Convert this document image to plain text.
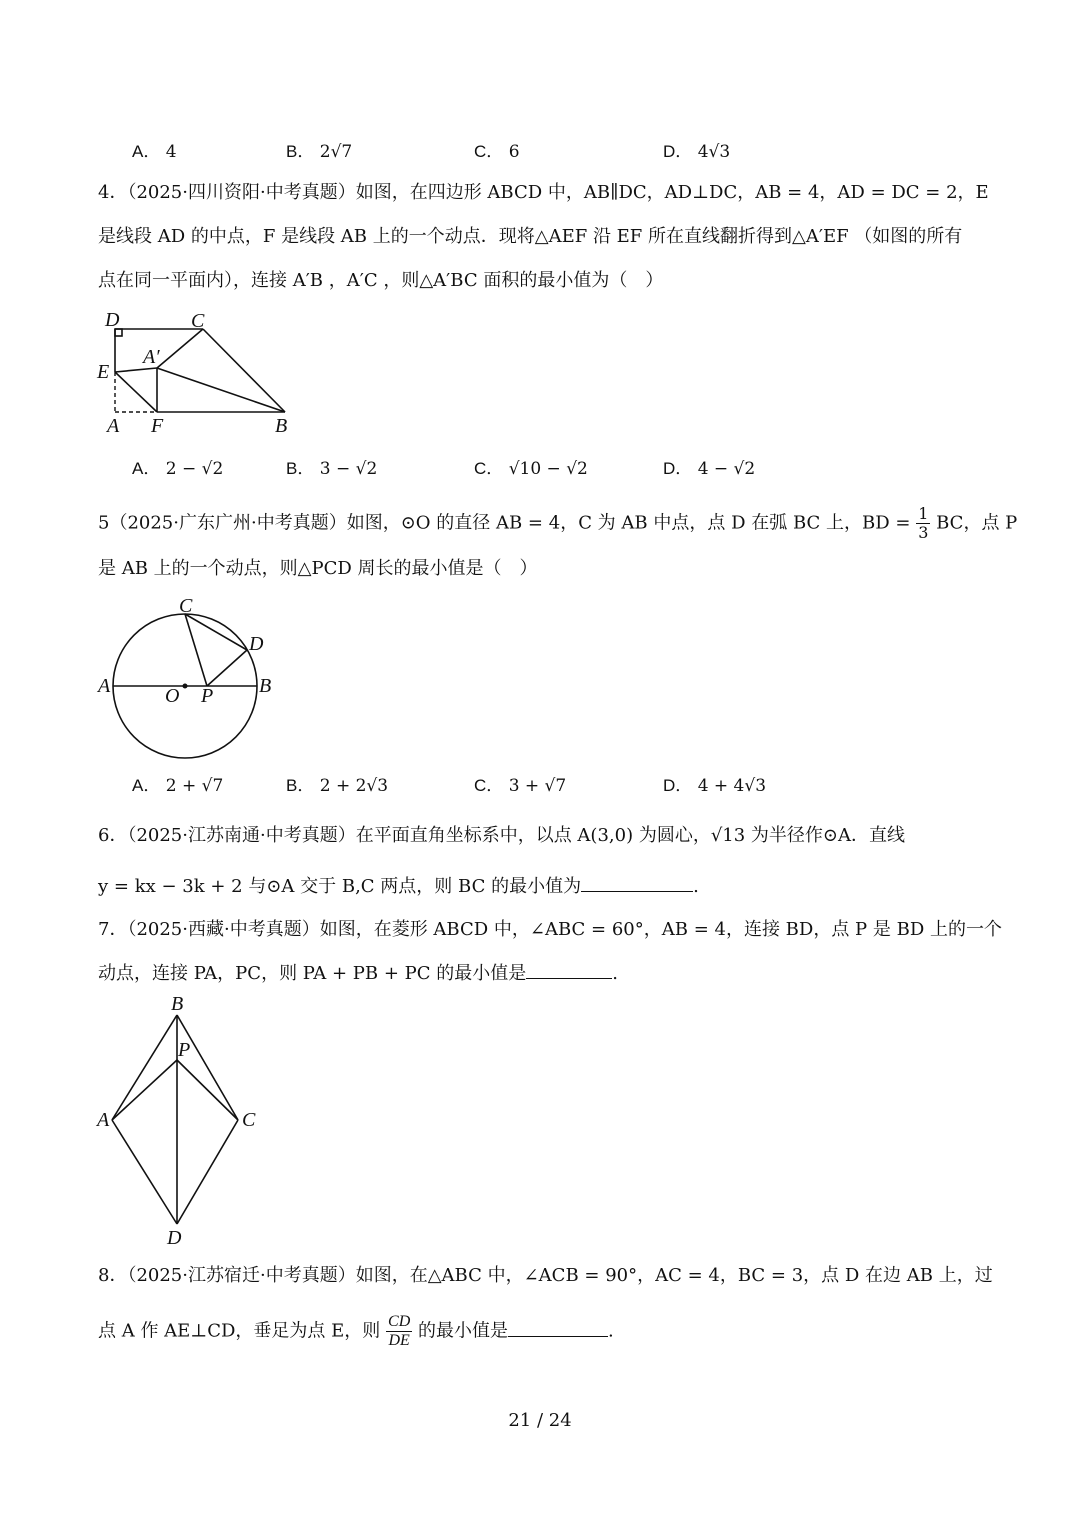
A． 4	B． 2√7	C． 6	D． 4√3
4．（2025·四川资阳·中考真题）如图，在四边形 ABCD 中，AB∥DC，AD⊥DC，AB = 4，AD = DC = 2，E
是线段 AD 的中点，F 是线段 AB 上的一个动点．现将△AEF 沿 EF 所在直线翻折得到△A′EF （如图的所有
点在同一平面内），连接 A′B ，A′C ，则△A′BC 面积的最小值为（　）
D	C
A′
E
A F	B
A． 2 − √2	B． 3 − √2	C． √10 − √2	D． 4 − √2
5（2025·广东广州·中考真题）如图，⊙O 的直径 AB = 4，C 为 AB 中点，点 D 在弧 BC 上，BD = $\frac{1}{3}$ BC，点 P
是 AB 上的一个动点，则△PCD 周长的最小值是（　）
C
D
A	O P B
A． 2 + √7	B． 2 + 2√3	C． 3 + √7	D． 4 + 4√3
6．（2025·江苏南通·中考真题）在平面直角坐标系中，以点 A(3,0) 为圆心，√13 为半径作⊙A．直线
y = kx − 3k + 2 与⊙A 交于 B,C 两点，则 BC 的最小值为	.
7．（2025·西藏·中考真题）如图，在菱形 ABCD 中，∠ABC = 60°，AB = 4，连接 BD，点 P 是 BD 上的一个
动点，连接 PA，PC，则 PA + PB + PC 的最小值是	.
B
P
A	C
D
8．（2025·江苏宿迁·中考真题）如图，在△ABC 中，∠ACB = 90°，AC = 4，BC = 3，点 D 在边 AB 上，过
点 A 作 AE⊥CD，垂足为点 E，则 $\frac{CD}{DE}$ 的最小值是	.
21 / 24
